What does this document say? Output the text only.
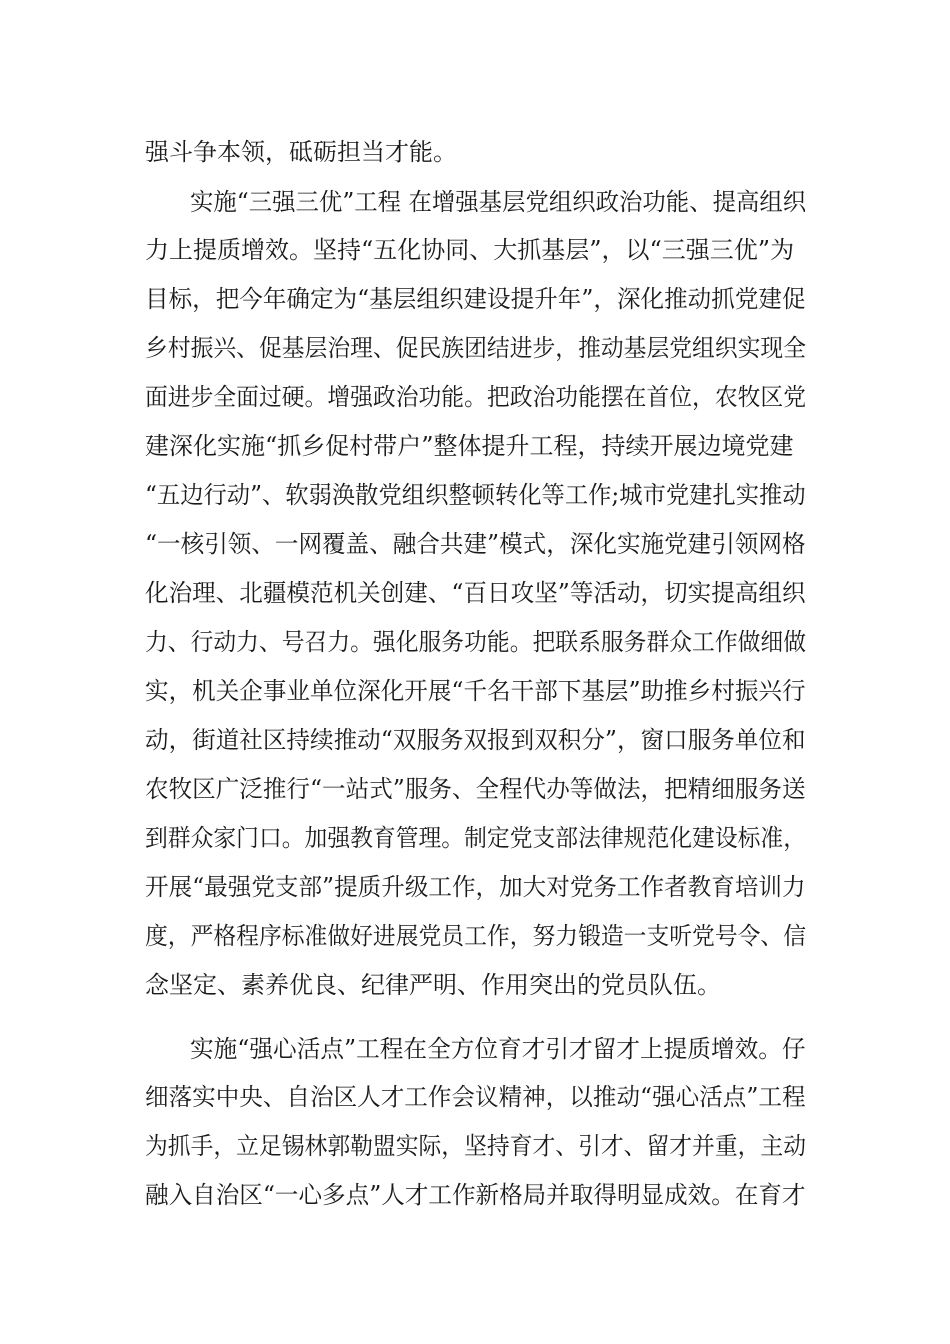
强斗争本领，砥砺担当才能。
实施“三强三优”工程 在增强基层党组织政治功能、提高组织
力上提质增效。坚持“五化协同、大抓基层”，以“三强三优”为
目标，把今年确定为“基层组织建设提升年”，深化推动抓党建促
乡村振兴、促基层治理、促民族团结进步，推动基层党组织实现全
面进步全面过硬。增强政治功能。把政治功能摆在首位，农牧区党
建深化实施“抓乡促村带户”整体提升工程，持续开展边境党建
“五边行动”、软弱涣散党组织整顿转化等工作;城市党建扎实推动
“一核引领、一网覆盖、融合共建”模式，深化实施党建引领网格
化治理、北疆模范机关创建、“百日攻坚”等活动，切实提高组织
力、行动力、号召力。强化服务功能。把联系服务群众工作做细做
实，机关企事业单位深化开展“千名干部下基层”助推乡村振兴行
动，街道社区持续推动“双服务双报到双积分”，窗口服务单位和
农牧区广泛推行“一站式”服务、全程代办等做法，把精细服务送
到群众家门口。加强教育管理。制定党支部法律规范化建设标准，
开展“最强党支部”提质升级工作，加大对党务工作者教育培训力
度，严格程序标准做好进展党员工作，努力锻造一支听党号令、信
念坚定、素养优良、纪律严明、作用突出的党员队伍。
实施“强心活点”工程在全方位育才引才留才上提质增效。仔
细落实中央、自治区人才工作会议精神，以推动“强心活点”工程
为抓手，立足锡林郭勒盟实际，坚持育才、引才、留才并重，主动
融入自治区“一心多点”人才工作新格局并取得明显成效。在育才
